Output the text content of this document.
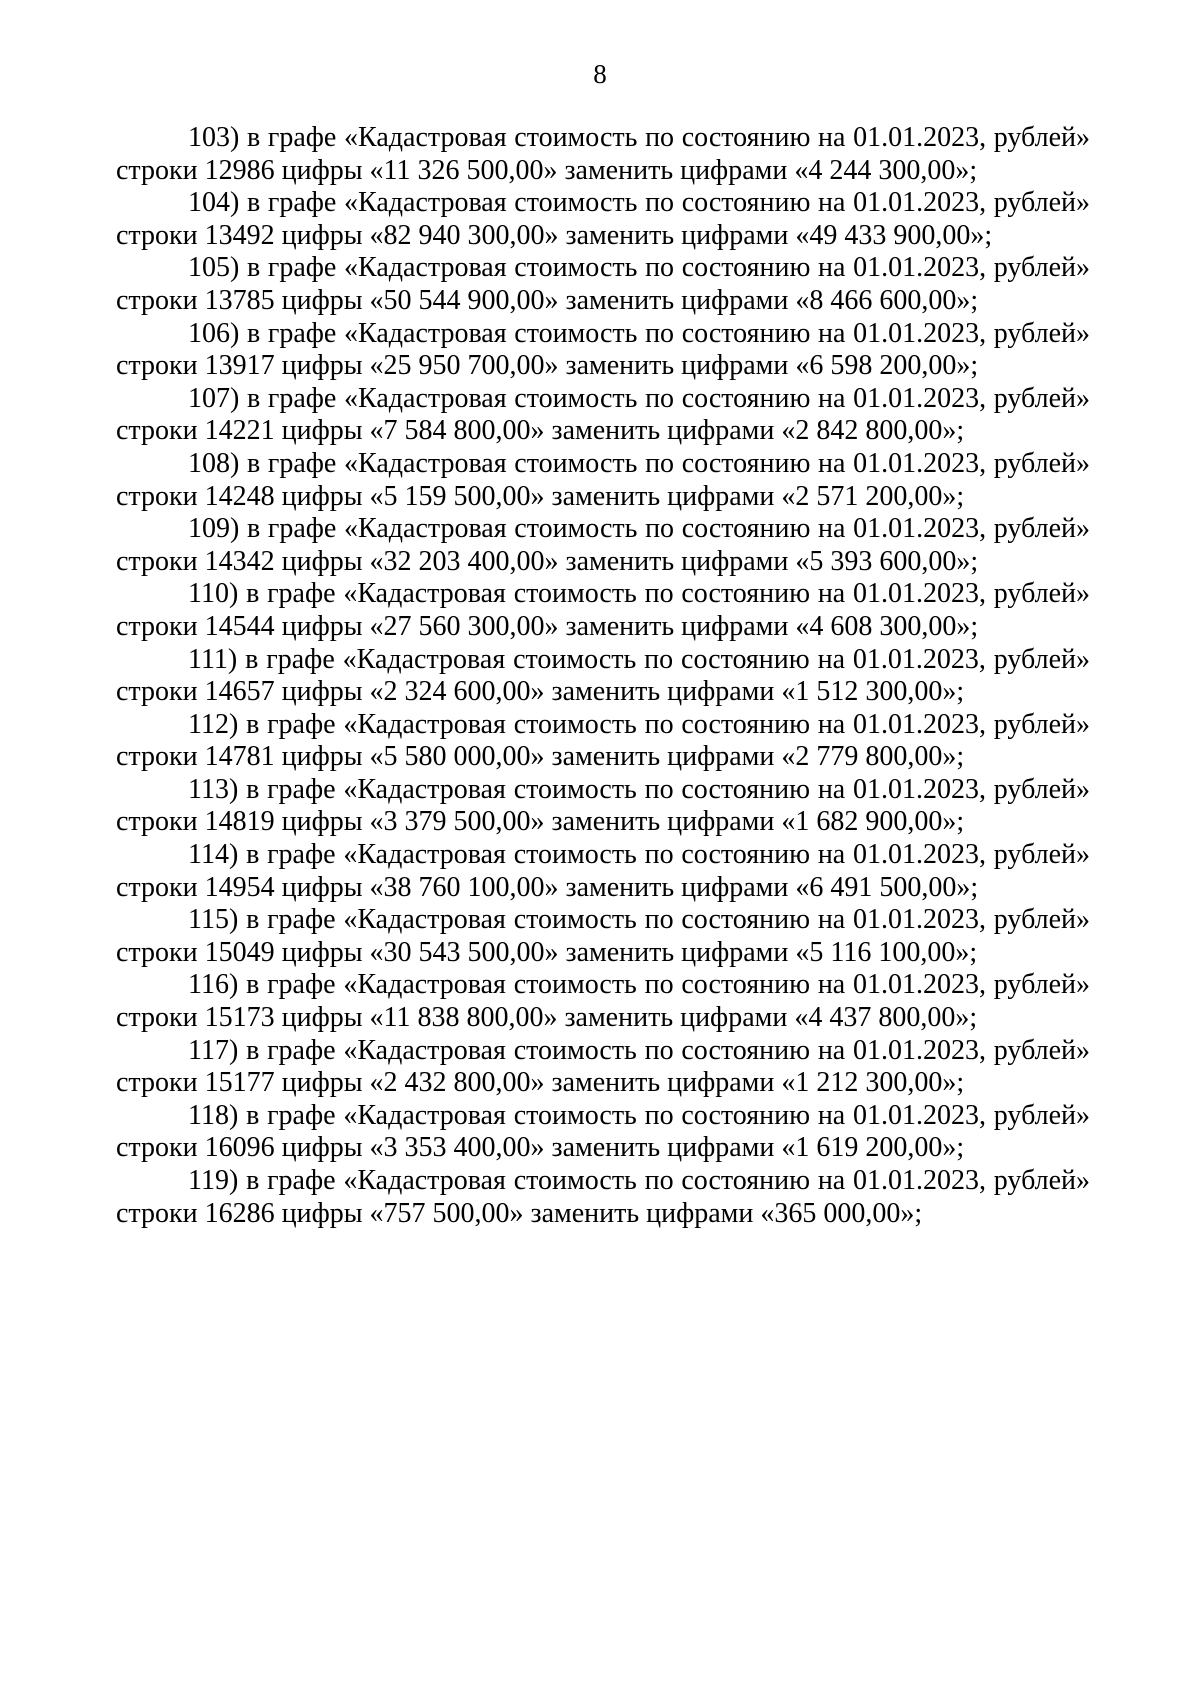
8

103) в графе «Кадастровая стоимость по состоянию на 01.01.2023, рублей» строки 12986 цифры «11 326 500,00» заменить цифрами «4 244 300,00»;

104) в графе «Кадастровая стоимость по состоянию на 01.01.2023, рублей» строки 13492 цифры «82 940 300,00» заменить цифрами «49 433 900,00»;

105) в графе «Кадастровая стоимость по состоянию на 01.01.2023, рублей» строки 13785 цифры «50 544 900,00» заменить цифрами «8 466 600,00»;

106) в графе «Кадастровая стоимость по состоянию на 01.01.2023, рублей» строки 13917 цифры «25 950 700,00» заменить цифрами «6 598 200,00»;

107) в графе «Кадастровая стоимость по состоянию на 01.01.2023, рублей» строки 14221 цифры «7 584 800,00» заменить цифрами «2 842 800,00»;

108) в графе «Кадастровая стоимость по состоянию на 01.01.2023, рублей» строки 14248 цифры «5 159 500,00» заменить цифрами «2 571 200,00»;

109) в графе «Кадастровая стоимость по состоянию на 01.01.2023, рублей» строки 14342 цифры «32 203 400,00» заменить цифрами «5 393 600,00»;

110) в графе «Кадастровая стоимость по состоянию на 01.01.2023, рублей» строки 14544 цифры «27 560 300,00» заменить цифрами «4 608 300,00»;

111) в графе «Кадастровая стоимость по состоянию на 01.01.2023, рублей» строки 14657 цифры «2 324 600,00» заменить цифрами «1 512 300,00»;

112) в графе «Кадастровая стоимость по состоянию на 01.01.2023, рублей» строки 14781 цифры «5 580 000,00» заменить цифрами «2 779 800,00»;

113) в графе «Кадастровая стоимость по состоянию на 01.01.2023, рублей» строки 14819 цифры «3 379 500,00» заменить цифрами «1 682 900,00»;

114) в графе «Кадастровая стоимость по состоянию на 01.01.2023, рублей» строки 14954 цифры «38 760 100,00» заменить цифрами «6 491 500,00»;

115) в графе «Кадастровая стоимость по состоянию на 01.01.2023, рублей» строки 15049 цифры «30 543 500,00» заменить цифрами «5 116 100,00»;

116) в графе «Кадастровая стоимость по состоянию на 01.01.2023, рублей» строки 15173 цифры «11 838 800,00» заменить цифрами «4 437 800,00»;

117) в графе «Кадастровая стоимость по состоянию на 01.01.2023, рублей» строки 15177 цифры «2 432 800,00» заменить цифрами «1 212 300,00»;

118) в графе «Кадастровая стоимость по состоянию на 01.01.2023, рублей» строки 16096 цифры «3 353 400,00» заменить цифрами «1 619 200,00»;

119) в графе «Кадастровая стоимость по состоянию на 01.01.2023, рублей» строки 16286 цифры «757 500,00» заменить цифрами «365 000,00»;
